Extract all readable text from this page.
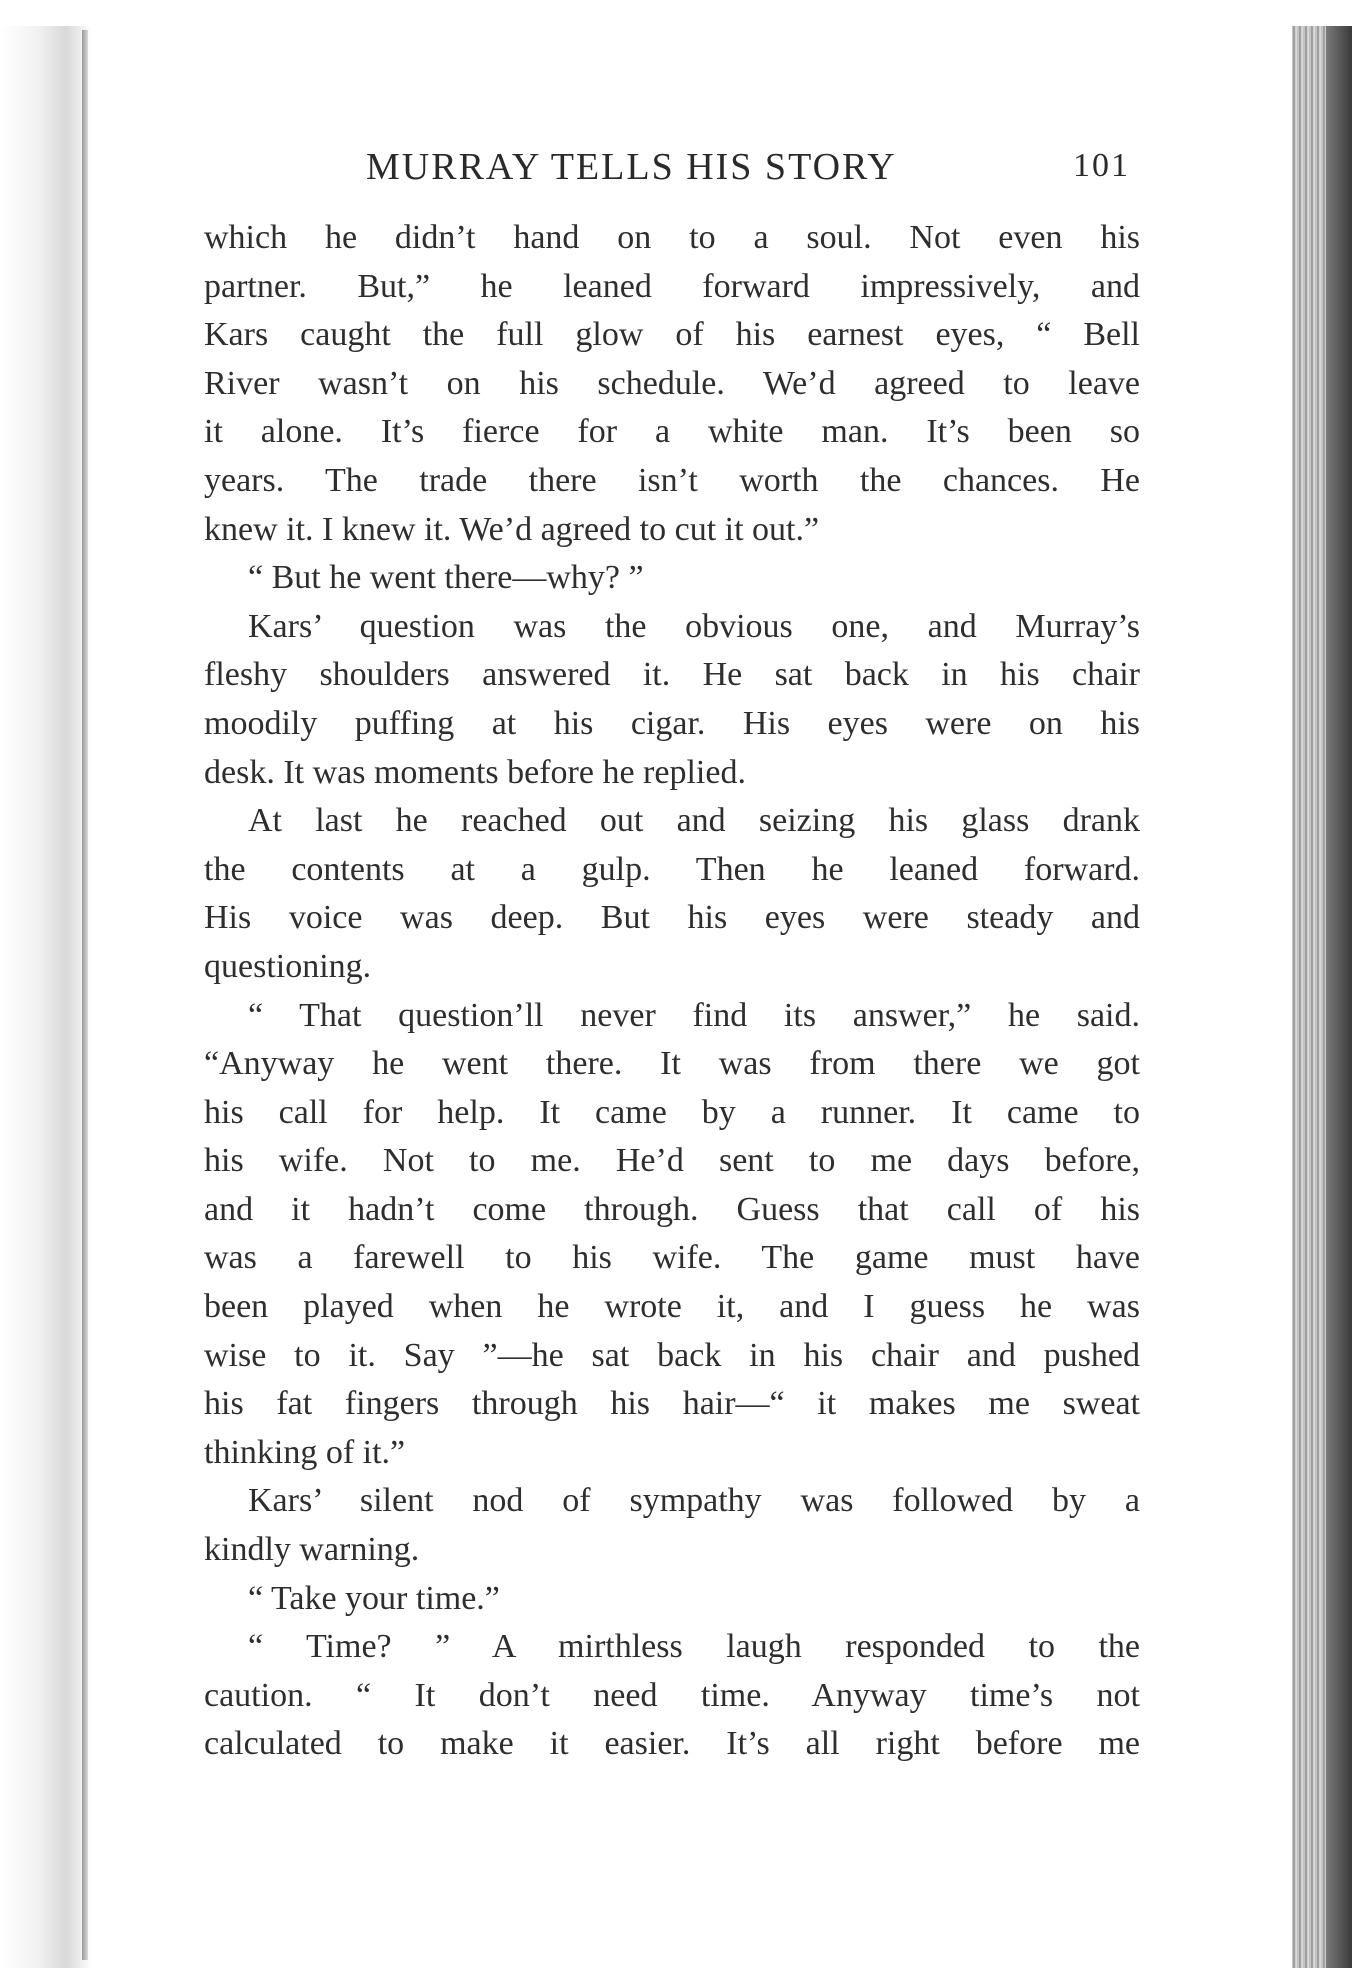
MURRAY TELLS HIS STORY	101
which he didn’t hand on to a soul. Not even his
partner. But,” he leaned forward impressively, and
Kars caught the full glow of his earnest eyes, “ Bell
River wasn’t on his schedule. We’d agreed to leave
it alone. It’s fierce for a white man. It’s been so
years. The trade there isn’t worth the chances. He
knew it. I knew it. We’d agreed to cut it out.”
“ But he went there—why? ”
Kars’ question was the obvious one, and Murray’s
fleshy shoulders answered it. He sat back in his chair
moodily puffing at his cigar. His eyes were on his
desk. It was moments before he replied.
At last he reached out and seizing his glass drank
the contents at a gulp. Then he leaned forward.
His voice was deep. But his eyes were steady and
questioning.
“ That question’ll never find its answer,” he said.
“Anyway he went there. It was from there we got
his call for help. It came by a runner. It came to
his wife. Not to me. He’d sent to me days before,
and it hadn’t come through. Guess that call of his
was a farewell to his wife. The game must have
been played when he wrote it, and I guess he was
wise to it. Say ”—he sat back in his chair and pushed
his fat fingers through his hair—“ it makes me sweat
thinking of it.”
Kars’ silent nod of sympathy was followed by a
kindly warning.
“ Take your time.”
“ Time? ” A mirthless laugh responded to the
caution. “ It don’t need time. Anyway time’s not
calculated to make it easier. It’s all right before me
